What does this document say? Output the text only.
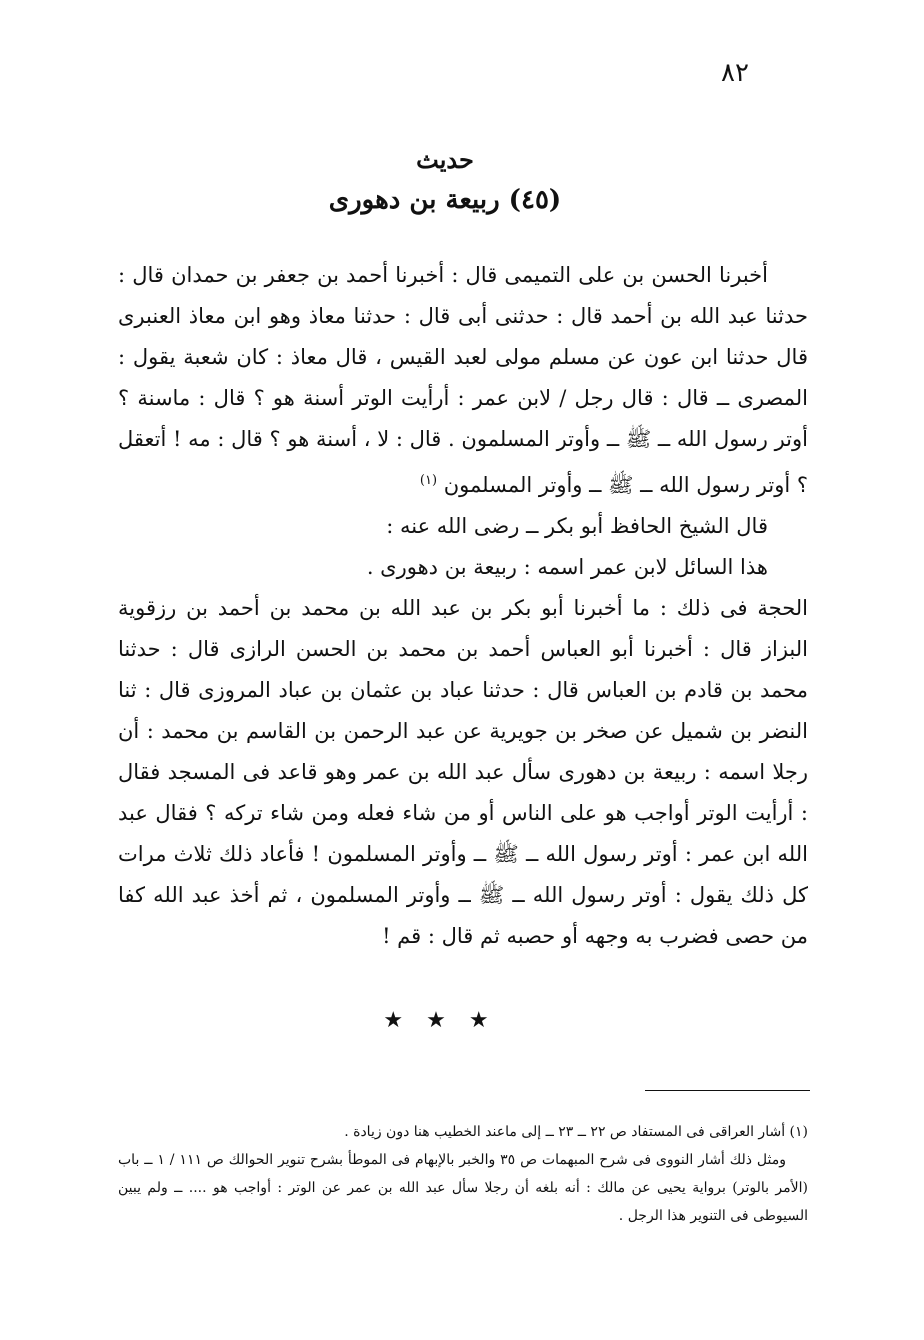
٨٢
حديث
(٤٥) ربيعة بن دهورى

أخبرنا الحسن بن على التميمى قال : أخبرنا أحمد بن جعفر بن حمدان قال : حدثنا عبد الله بن أحمد قال : حدثنى أبى قال : حدثنا معاذ وهو ابن معاذ العنبرى قال حدثنا ابن عون عن مسلم مولى لعبد القيس ، قال معاذ : كان شعبة يقول : المصرى ــ قال : قال رجل / لابن عمر : أرأيت الوتر أسنة هو ؟ قال : ماسنة ؟ أوتر رسول الله ــ ﷺ ــ وأوتر المسلمون . قال : لا ، أسنة هو ؟ قال : مه ! أتعقل ؟ أوتر رسول الله ــ ﷺ ــ وأوتر المسلمون $^{(١)}$

قال الشيخ الحافظ أبو بكر ــ رضى الله عنه :

هذا السائل لابن عمر اسمه : ربيعة بن دهورى .

الحجة فى ذلك : ما أخبرنا أبو بكر بن عبد الله بن محمد بن أحمد بن رزقوية البزاز قال : أخبرنا أبو العباس أحمد بن محمد بن الحسن الرازى قال : حدثنا محمد بن قادم بن العباس قال : حدثنا عباد بن عثمان بن عباد المروزى قال : ثنا النضر بن شميل عن صخر بن جويرية عن عبد الرحمن بن القاسم بن محمد : أن رجلا اسمه : ربيعة بن دهورى سأل عبد الله بن عمر وهو قاعد فى المسجد فقال : أرأيت الوتر أواجب هو على الناس أو من شاء فعله ومن شاء تركه ؟ فقال عبد الله ابن عمر : أوتر رسول الله ــ ﷺ ــ وأوتر المسلمون ! فأعاد ذلك ثلاث مرات كل ذلك يقول : أوتر رسول الله ــ ﷺ ــ وأوتر المسلمون ، ثم أخذ عبد الله كفا من حصى فضرب به وجهه أو حصبه ثم قال : قم !

★ ★ ★

(١) أشار العراقى فى المستفاد ص ٢٢ ــ ٢٣ ــ إلى ماعند الخطيب هنا دون زيادة .

ومثل ذلك أشار النووى فى شرح المبهمات ص ٣٥ والخبر بالإبهام فى الموطأ بشرح تنوير الحوالك ص ١١١ / ١ ــ باب (الأمر بالوتر) برواية يحيى عن مالك : أنه بلغه أن رجلا سأل عبد الله بن عمر عن الوتر : أواجب هو .... ــ ولم يبين السيوطى فى التنوير هذا الرجل .
